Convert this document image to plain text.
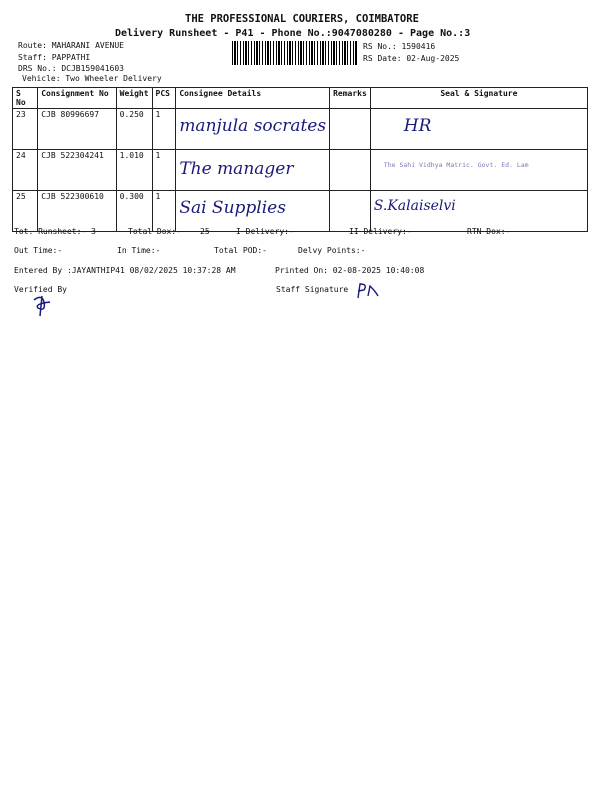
THE PROFESSIONAL COURIERS, COIMBATORE
Delivery Runsheet - P41 - Phone No.:9047080280 - Page No.:3
Route: MAHARANI AVENUE
Staff: PAPPATHI
DRS No.: DCJB159041603
Vehicle: Two Wheeler Delivery
RS No.: 1590416
RS Date: 02-Aug-2025
S No	Consignment No	Weight	PCS	Consignee Details	Remarks	Seal & Signature
23	CJB 80996697	0.250	1	manjula socrates		HR
24	CJB 522304241	1.010	1	The manager		The Sahi Vidhya Matric. Govt. Ed. Lam
25	CJB 522300610	0.300	1	Sai Supplies		S.Kalaiselvi
Tot. Runsheet:- 3	Total Dox:- 25	I Delivery:-	II Delivery:-	RTN Dox:-
Out Time:-	In Time:-	Total POD:-	Delvy Points:-
Entered By :JAYANTHIP41 08/02/2025 10:37:28 AM	Printed On: 02-08-2025 10:40:08
Verified By	Staff Signature
